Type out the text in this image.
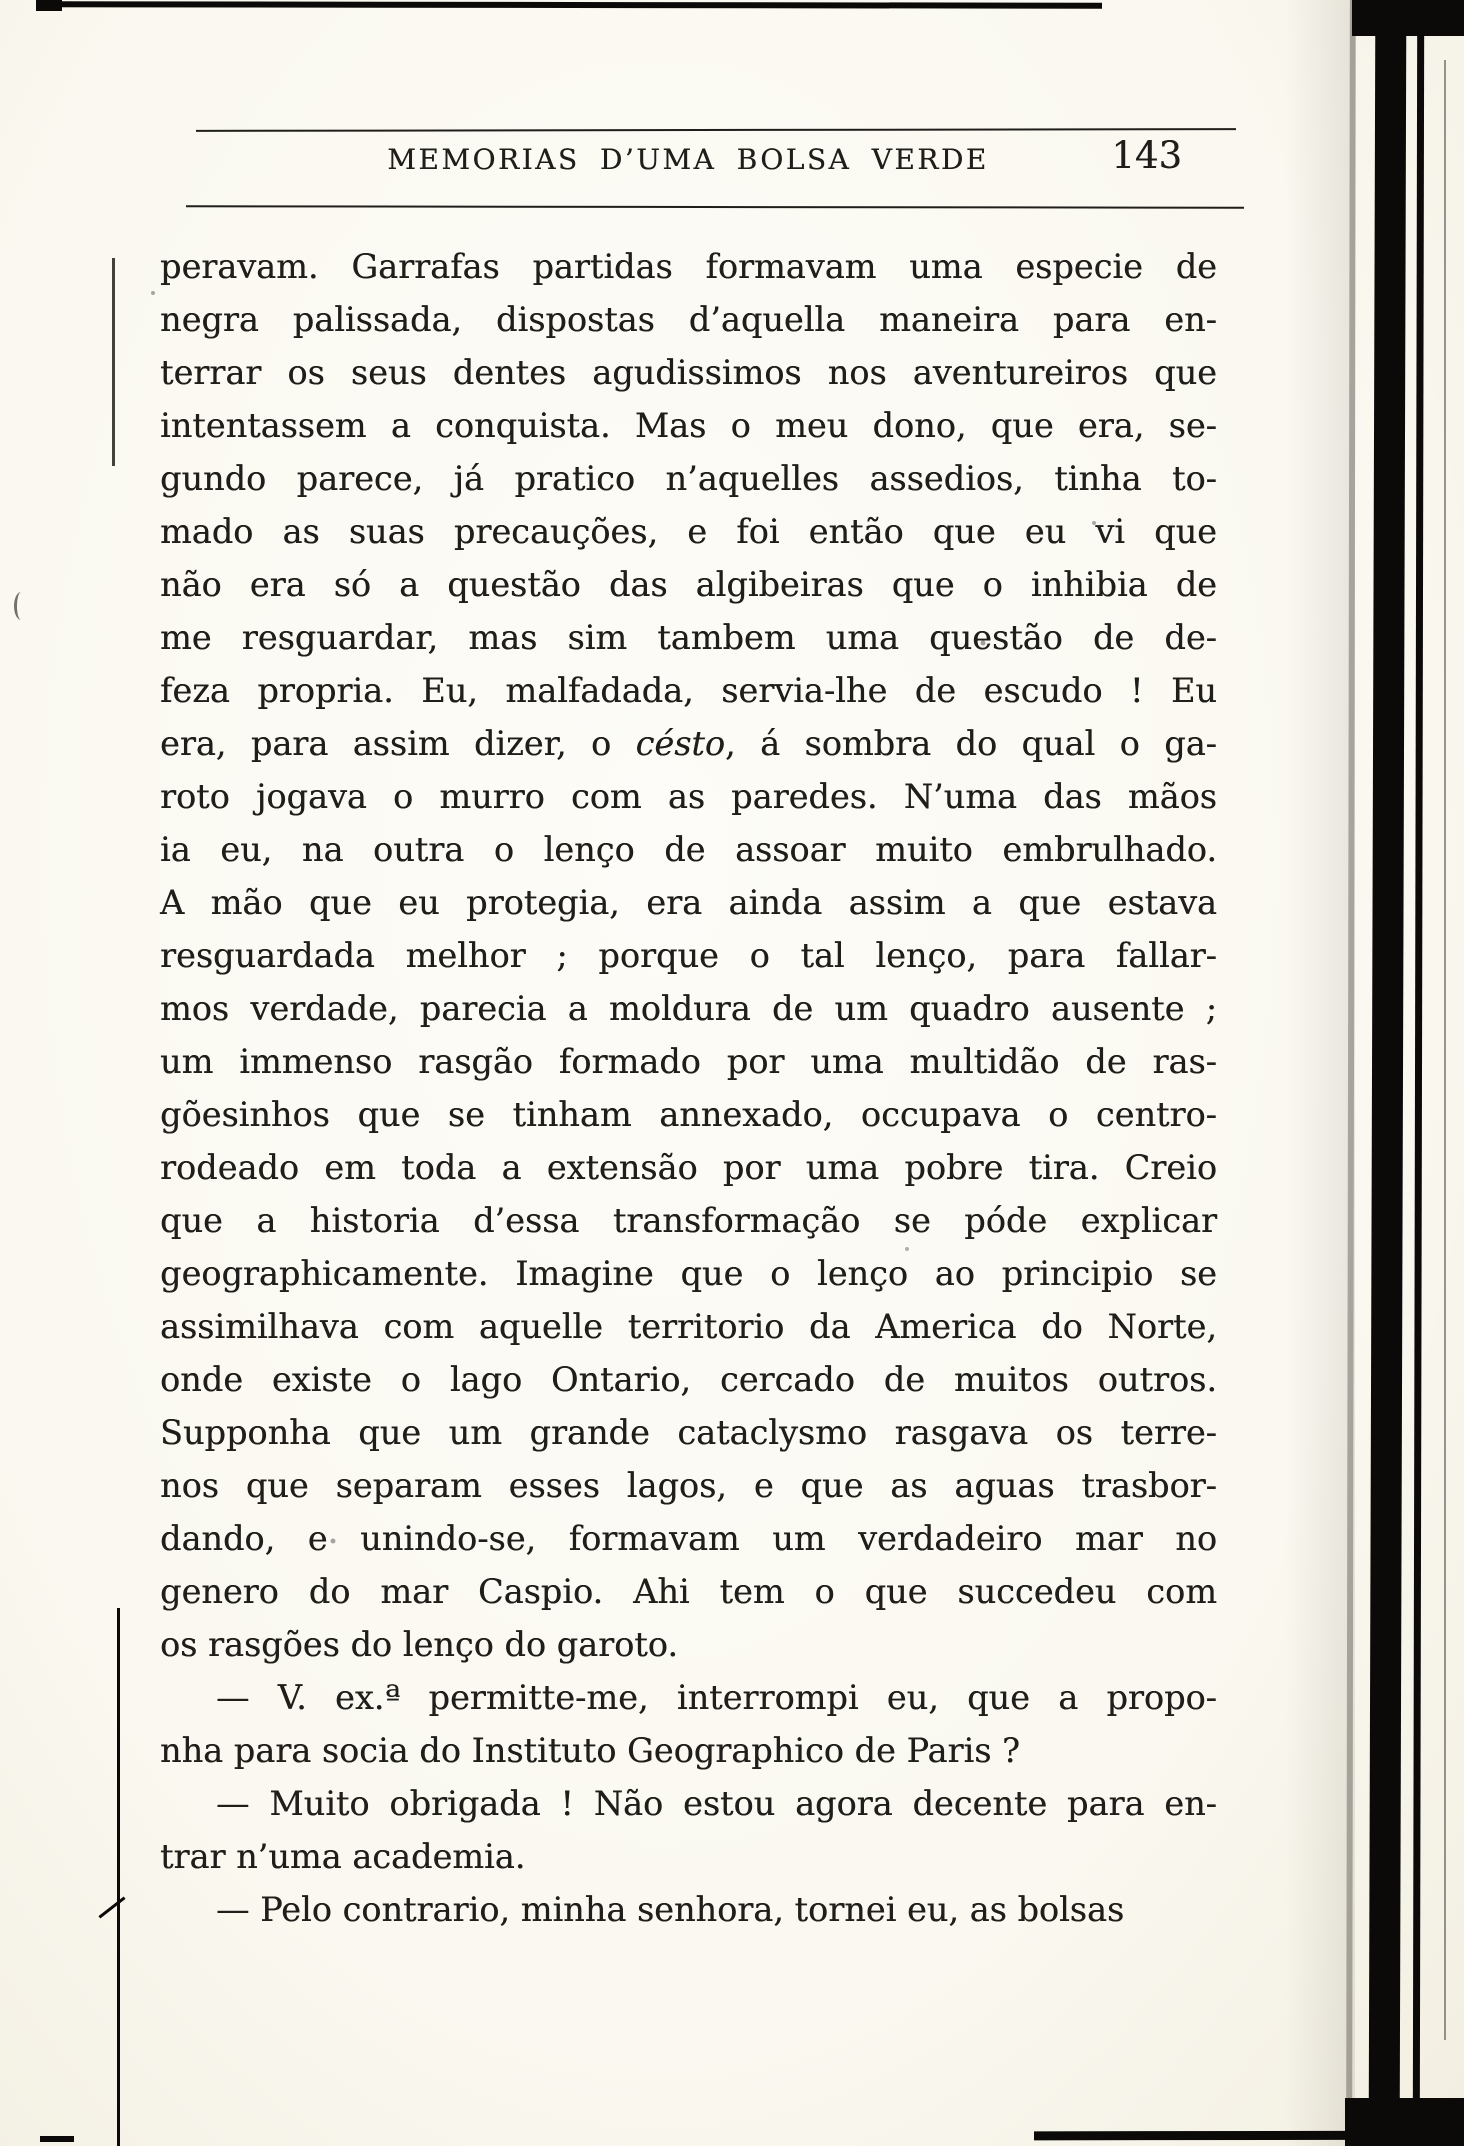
MEMORIAS D’UMA BOLSA VERDE	143
peravam. Garrafas partidas formavam uma especie de
negra palissada, dispostas d’aquella maneira para en-
terrar os seus dentes agudissimos nos aventureiros que
intentassem a conquista. Mas o meu dono, que era, se-
gundo parece, já pratico n’aquelles assedios, tinha to-
mado as suas precauções, e foi então que eu vi que
não era só a questão das algibeiras que o inhibia de
me resguardar, mas sim tambem uma questão de de-
feza propria. Eu, malfadada, servia-lhe de escudo ! Eu
era, para assim dizer, o césto, á sombra do qual o ga-
roto jogava o murro com as paredes. N’uma das mãos
ia eu, na outra o lenço de assoar muito embrulhado.
A mão que eu protegia, era ainda assim a que estava
resguardada melhor ; porque o tal lenço, para fallar-
mos verdade, parecia a moldura de um quadro ausente ;
um immenso rasgão formado por uma multidão de ras-
gõesinhos que se tinham annexado, occupava o centro-
rodeado em toda a extensão por uma pobre tira. Creio
que a historia d’essa transformação se póde explicar
geographicamente. Imagine que o lenço ao principio se
assimilhava com aquelle territorio da America do Norte,
onde existe o lago Ontario, cercado de muitos outros.
Supponha que um grande cataclysmo rasgava os terre-
nos que separam esses lagos, e que as aguas trasbor-
dando, e unindo-se, formavam um verdadeiro mar no
genero do mar Caspio. Ahi tem o que succedeu com
os rasgões do lenço do garoto.
— V. ex.ª permitte-me, interrompi eu, que a propo-
nha para socia do Instituto Geographico de Paris ?
— Muito obrigada ! Não estou agora decente para en-
trar n’uma academia.
— Pelo contrario, minha senhora, tornei eu, as bolsas
